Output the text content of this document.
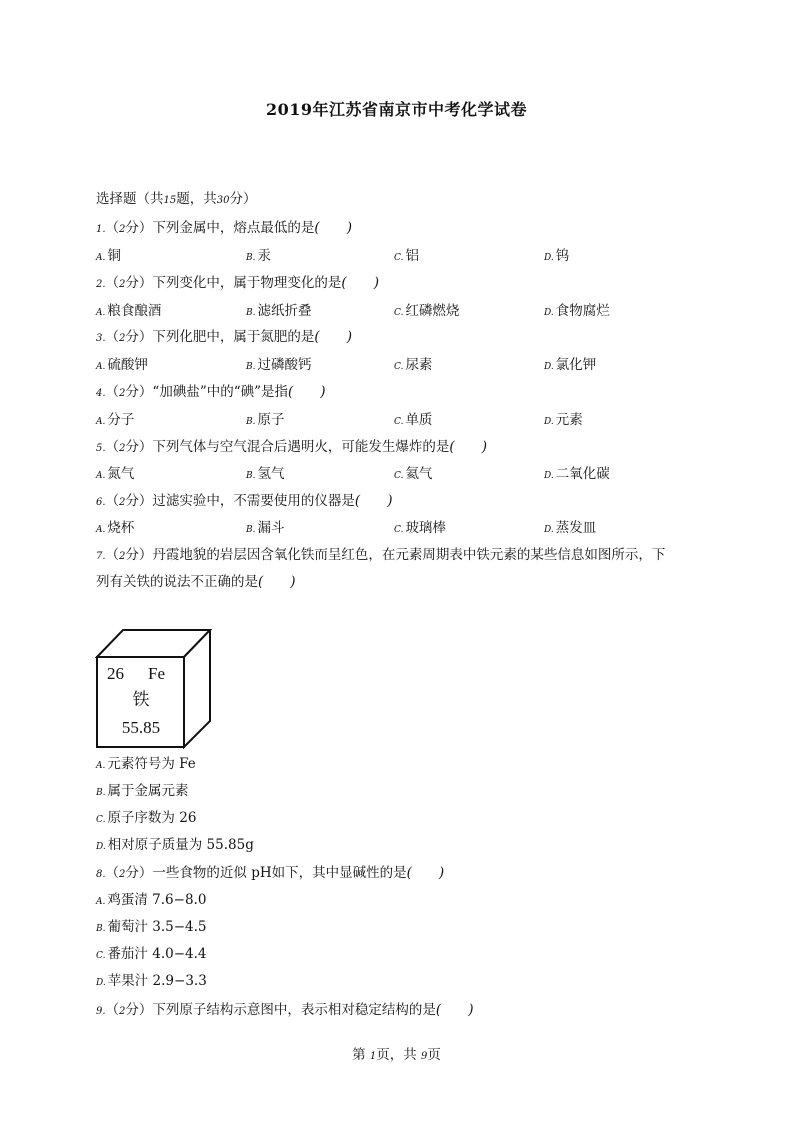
2019年江苏省南京市中考化学试卷
选择题（共15题，共30分）
1.（2分）下列金属中，熔点最低的是(　　)
A. 铜	B. 汞	C. 铝	D. 钨
2.（2分）下列变化中，属于物理变化的是(　　)
A. 粮食酿酒	B. 滤纸折叠	C. 红磷燃烧	D. 食物腐烂
3.（2分）下列化肥中，属于氮肥的是(　　)
A. 硫酸钾	B. 过磷酸钙	C. 尿素	D. 氯化钾
4.（2分）“加碘盐”中的“碘”是指(　　)
A. 分子	B. 原子	C. 单质	D. 元素
5.（2分）下列气体与空气混合后遇明火，可能发生爆炸的是(　　)
A. 氮气	B. 氢气	C. 氦气	D. 二氧化碳
6.（2分）过滤实验中，不需要使用的仪器是(　　)
A. 烧杯	B. 漏斗	C. 玻璃棒	D. 蒸发皿
7.（2分）丹霞地貌的岩层因含氧化铁而呈红色，在元素周期表中铁元素的某些信息如图所示，下
列有关铁的说法不正确的是(　　)
26 Fe
铁
55.85
A. 元素符号为 Fe
B. 属于金属元素
C. 原子序数为 26
D. 相对原子质量为 55.85g
8.（2分）一些食物的近似 pH如下，其中显碱性的是(　　)
A. 鸡蛋清 7.6−8.0
B. 葡萄汁 3.5−4.5
C. 番茄汁 4.0−4.4
D. 苹果汁 2.9−3.3
9.（2分）下列原子结构示意图中，表示相对稳定结构的是(　　)
第 1页，共 9页
